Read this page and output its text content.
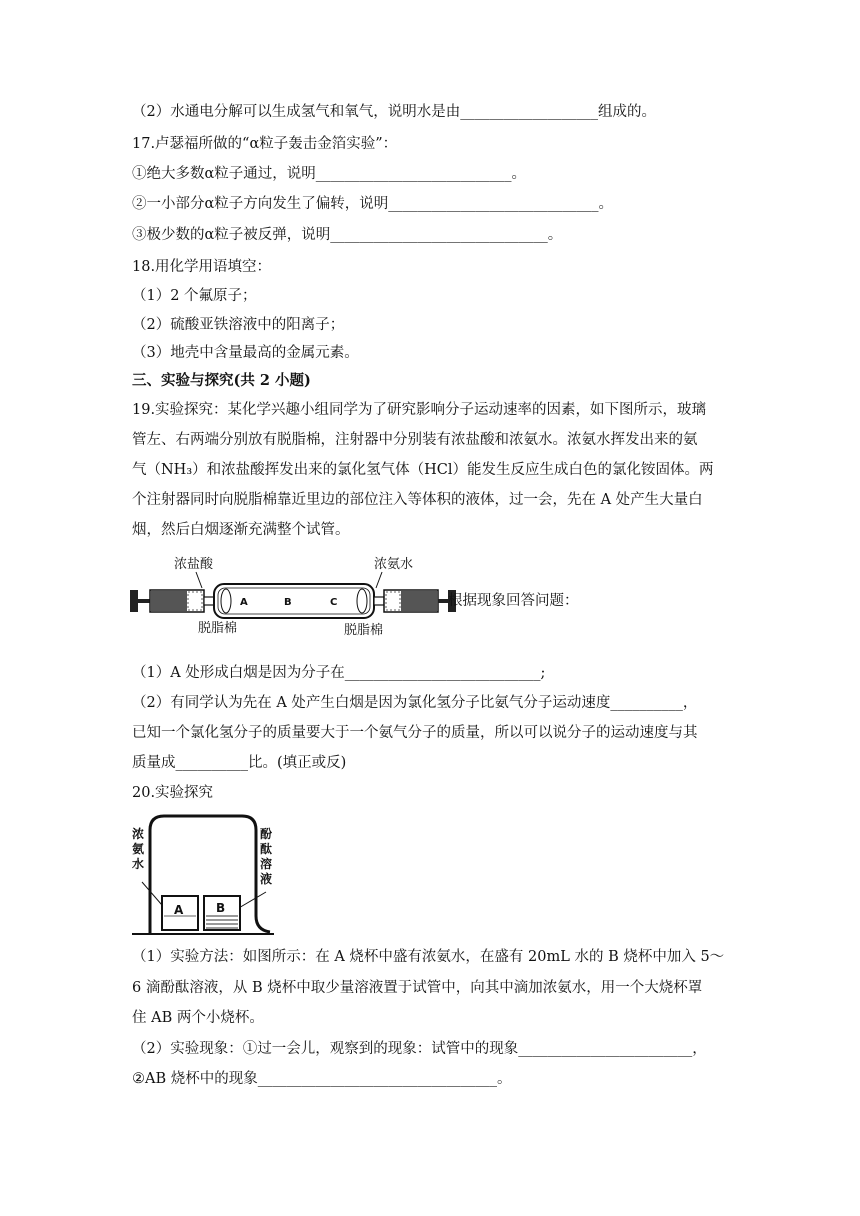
（2）水通电分解可以生成氢气和氧气，说明水是由___________________组成的。
17.卢瑟福所做的“α粒子轰击金箔实验”：
①绝大多数α粒子通过，说明___________________________。
②一小部分α粒子方向发生了偏转，说明_____________________________。
③极少数的α粒子被反弹，说明______________________________。
18.用化学用语填空：
（1）2 个氟原子；
（2）硫酸亚铁溶液中的阳离子；
（3）地壳中含量最高的金属元素。
三、实验与探究(共 2 小题)
19.实验探究：某化学兴趣小组同学为了研究影响分子运动速率的因素，如下图所示，玻璃
管左、右两端分别放有脱脂棉，注射器中分别装有浓盐酸和浓氨水。浓氨水挥发出来的氨
气（NH₃）和浓盐酸挥发出来的氯化氢气体（HCl）能发生反应生成白色的氯化铵固体。两
个注射器同时向脱脂棉靠近里边的部位注入等体积的液体，过一会，先在 A 处产生大量白
烟，然后白烟逐渐充满整个试管。
浓盐酸	浓氨水
脱脂棉	脱脂棉
A	B	C	根据现象回答问题：
（1）A 处形成白烟是因为分子在___________________________;
（2）有同学认为先在 A 处产生白烟是因为氯化氢分子比氨气分子运动速度__________，
已知一个氯化氢分子的质量要大于一个氨气分子的质量，所以可以说分子的运动速度与其
质量成__________比。(填正或反)
20.实验探究
浓氨水
酚酞溶液
A	B
（1）实验方法：如图所示：在 A 烧杯中盛有浓氨水，在盛有 20mL 水的 B 烧杯中加入 5～
6 滴酚酞溶液，从 B 烧杯中取少量溶液置于试管中，向其中滴加浓氨水，用一个大烧杯罩
住 AB 两个小烧杯。
（2）实验现象：①过一会儿，观察到的现象：试管中的现象________________________，
②AB 烧杯中的现象_________________________________。
